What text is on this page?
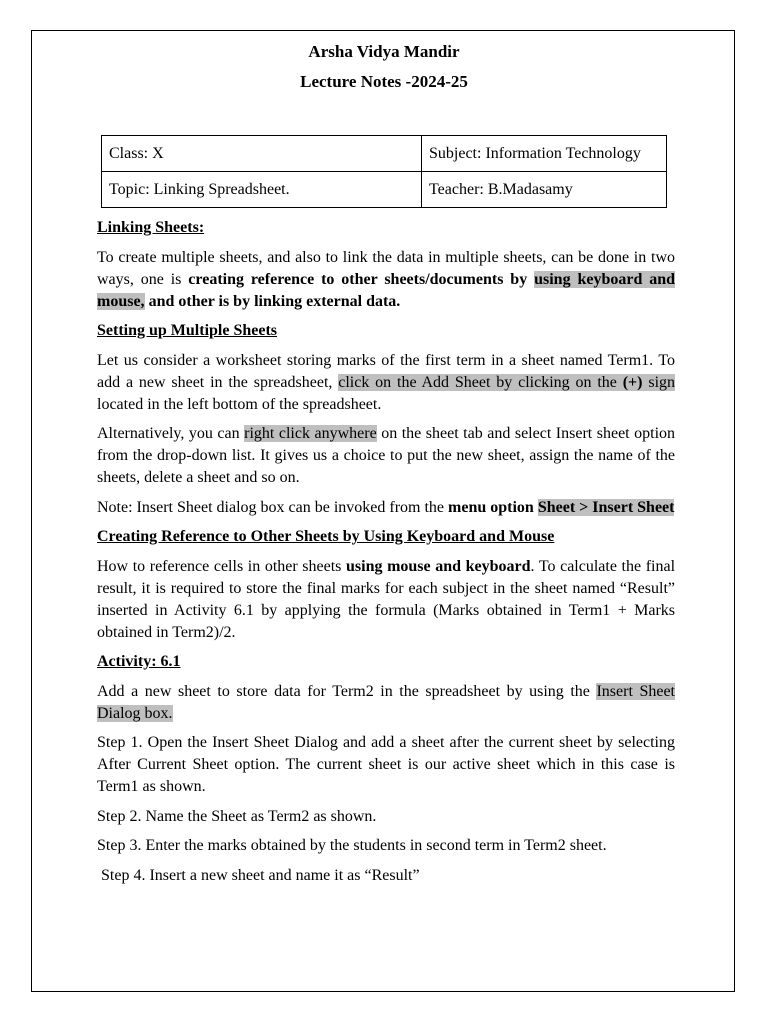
Arsha Vidya Mandir
Lecture Notes -2024-25
Class: X	Subject: Information Technology
Topic: Linking Spreadsheet.	Teacher: B.Madasamy
Linking Sheets:

To create multiple sheets, and also to link the data in multiple sheets, can be done in two ways, one is creating reference to other sheets/documents by using keyboard and mouse, and other is by linking external data.

Setting up Multiple Sheets

Let us consider a worksheet storing marks of the first term in a sheet named Term1. To add a new sheet in the spreadsheet, click on the Add Sheet by clicking on the (+) sign located in the left bottom of the spreadsheet.

Alternatively, you can right click anywhere on the sheet tab and select Insert sheet option from the drop-down list. It gives us a choice to put the new sheet, assign the name of the sheets, delete a sheet and so on.

Note: Insert Sheet dialog box can be invoked from the menu option Sheet > Insert Sheet

Creating Reference to Other Sheets by Using Keyboard and Mouse

How to reference cells in other sheets using mouse and keyboard. To calculate the final result, it is required to store the final marks for each subject in the sheet named “Result” inserted in Activity 6.1 by applying the formula (Marks obtained in Term1 + Marks obtained in Term2)/2.

Activity: 6.1

Add a new sheet to store data for Term2 in the spreadsheet by using the Insert Sheet Dialog box.

Step 1. Open the Insert Sheet Dialog and add a sheet after the current sheet by selecting After Current Sheet option. The current sheet is our active sheet which in this case is Term1 as shown.

Step 2. Name the Sheet as Term2 as shown.

Step 3. Enter the marks obtained by the students in second term in Term2 sheet.

Step 4. Insert a new sheet and name it as “Result”
